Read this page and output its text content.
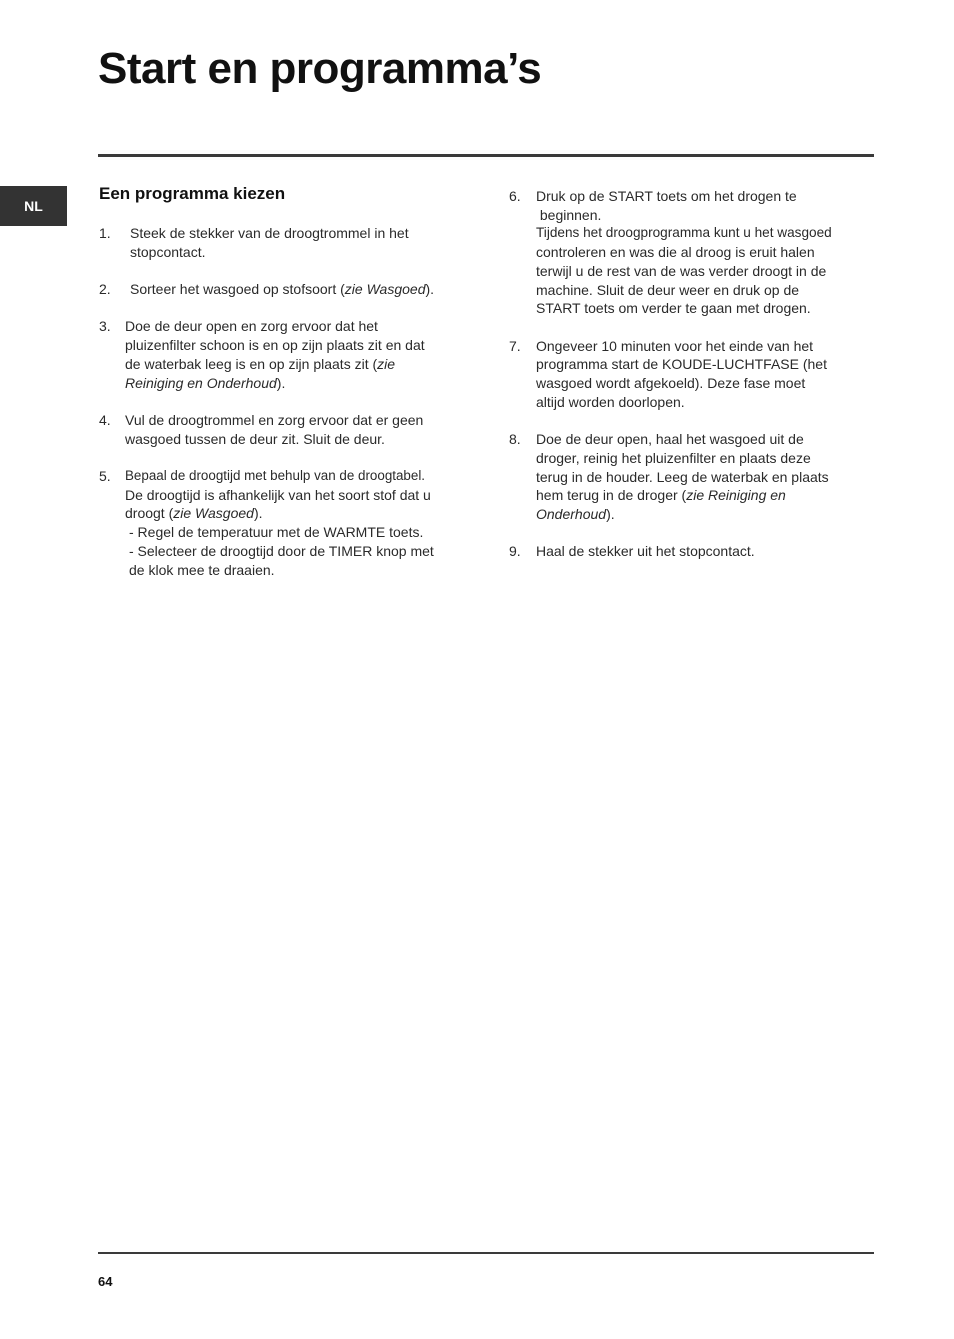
Start en programma’s
NL
Een programma kiezen
1.	Steek de stekker van de droogtrommel in het
stopcontact.
2.	Sorteer het wasgoed op stofsoort (zie Wasgoed).
3.	Doe de deur open en zorg ervoor dat het
pluizenfilter schoon is en op zijn plaats zit en dat
de waterbak leeg is en op zijn plaats zit (zie
Reiniging en Onderhoud).
4.	Vul de droogtrommel en zorg ervoor dat er geen
wasgoed tussen de deur zit. Sluit de deur.
5.	Bepaal de droogtijd met behulp van de droogtabel.
De droogtijd is afhankelijk van het soort stof dat u
droogt (zie Wasgoed).
- Regel de temperatuur met de WARMTE toets.
- Selecteer de droogtijd door de TIMER knop met
de klok mee te draaien.
6.	Druk op de START toets om het drogen te
beginnen.
Tijdens het droogprogramma kunt u het wasgoed
controleren en was die al droog is eruit halen
terwijl u de rest van de was verder droogt in de
machine. Sluit de deur weer en druk op de
START toets om verder te gaan met drogen.
7.	Ongeveer 10 minuten voor het einde van het
programma start de KOUDE-LUCHTFASE (het
wasgoed wordt afgekoeld). Deze fase moet
altijd worden doorlopen.
8.	Doe de deur open, haal het wasgoed uit de
droger, reinig het pluizenfilter en plaats deze
terug in de houder. Leeg de waterbak en plaats
hem terug in de droger (zie Reiniging en
Onderhoud).
9.	Haal de stekker uit het stopcontact.
64
